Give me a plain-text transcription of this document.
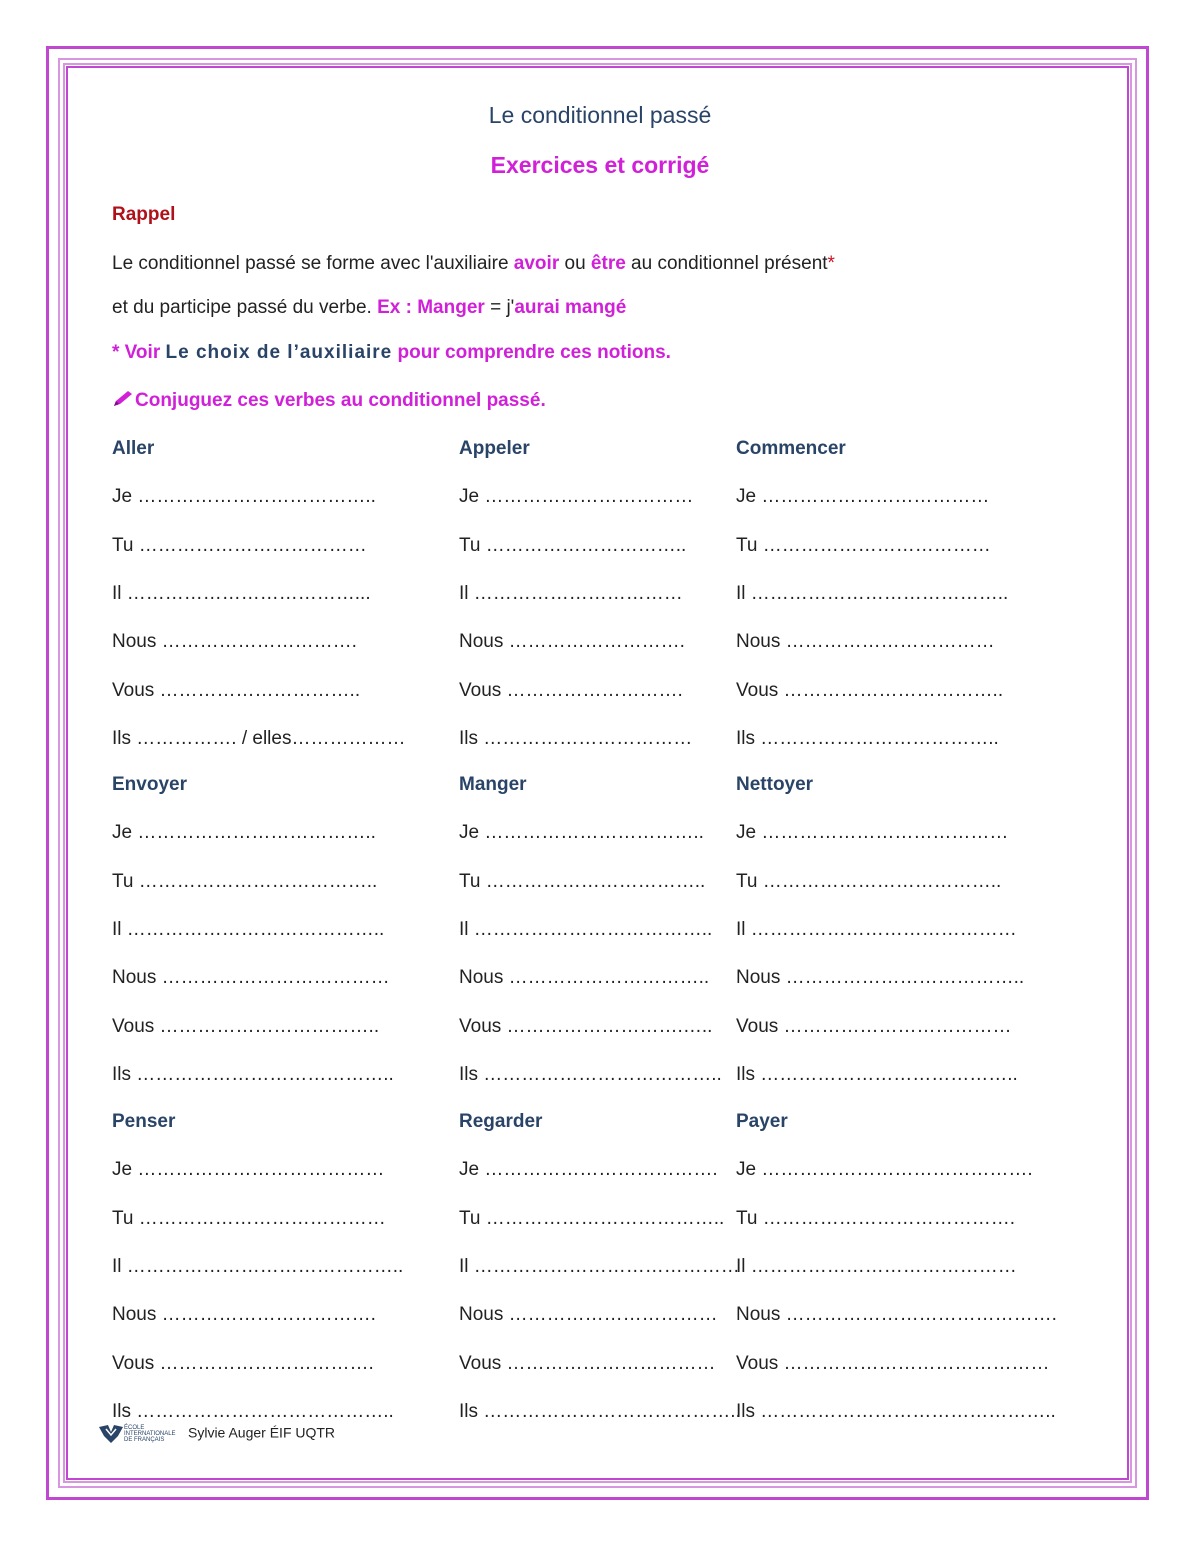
Le conditionnel passé
Exercices et corrigé
Rappel
Le conditionnel passé se forme avec l'auxiliaire avoir ou être au conditionnel présent*
et du participe passé du verbe. Ex : Manger = j'aurai mangé
* Voir Le choix de l’auxiliaire pour comprendre ces notions.
Conjuguez ces verbes au conditionnel passé.
Aller
Je ………………………………..
Tu ………………………………
Il ………………………………...
Nous ………………………….
Vous …………………………..
Ils ……………. / elles………………
Appeler
Je ……………………………
Tu …………………………..
Il ……………………………
Nous ……………………….
Vous ……………………….
Ils ……………………………
Commencer
Je ………………………………
Tu ………………………………
Il …………………………………..
Nous ……………………………
Vous ……………………………..
Ils ………………………………..
Envoyer
Je ………………………………..
Tu ………………………………..
Il …………………………………..
Nous ………………………………
Vous ……………………………..
Ils …………………………………..
Manger
Je ……………………………..
Tu ……………………………..
Il ………………………………..
Nous …………………………..
Vous ……………………….…..
Ils ………………………………..
Nettoyer
Je …………………………………
Tu ………………………………..
Il ……………………………………
Nous ………………………………..
Vous ………………………………
Ils …………………………………..
Penser
Je …………………………………
Tu …………………………………
Il ……………………………………..
Nous …………………………….
Vous …………………………….
Ils …………………………………..
Regarder
Je ……………………………….
Tu ………………………………..
Il ……………………………………
Nous ……………………………
Vous ……………………………
Ils …………………………………..
Payer
Je …………………………………….
Tu ………………………………….
Il ……………………………………
Nous …………………………………….
Vous ……………………………………
Ils ………………………………………..
ÉCOLE INTERNATIONALE DE FRANÇAIS Sylvie Auger ÉIF UQTR
